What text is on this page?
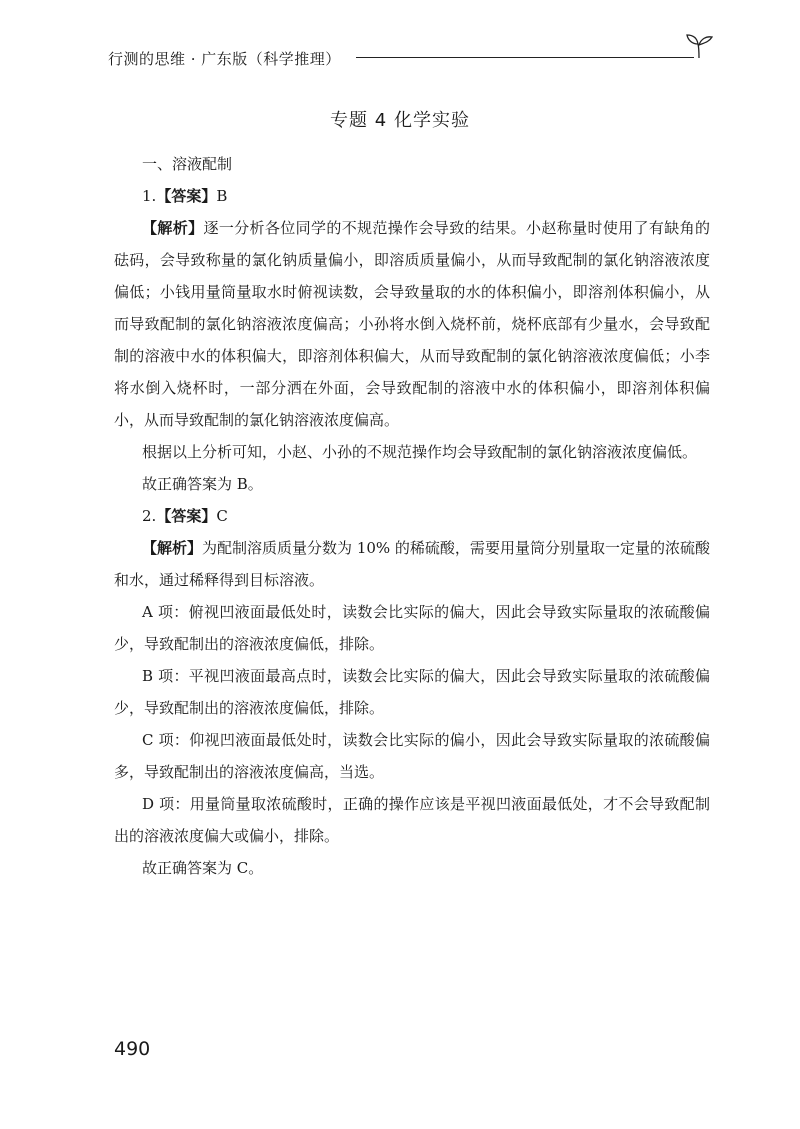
行测的思维 · 广东版（科学推理）
专题 4 化学实验

一、溶液配制

1.【答案】B

【解析】逐一分析各位同学的不规范操作会导致的结果。小赵称量时使用了有缺角的砝码，会导致称量的氯化钠质量偏小，即溶质质量偏小，从而导致配制的氯化钠溶液浓度偏低；小钱用量筒量取水时俯视读数，会导致量取的水的体积偏小，即溶剂体积偏小，从而导致配制的氯化钠溶液浓度偏高；小孙将水倒入烧杯前，烧杯底部有少量水，会导致配制的溶液中水的体积偏大，即溶剂体积偏大，从而导致配制的氯化钠溶液浓度偏低；小李将水倒入烧杯时，一部分洒在外面，会导致配制的溶液中水的体积偏小，即溶剂体积偏小，从而导致配制的氯化钠溶液浓度偏高。

根据以上分析可知，小赵、小孙的不规范操作均会导致配制的氯化钠溶液浓度偏低。

故正确答案为 B。

2.【答案】C

【解析】为配制溶质质量分数为 10% 的稀硫酸，需要用量筒分别量取一定量的浓硫酸和水，通过稀释得到目标溶液。

A 项：俯视凹液面最低处时，读数会比实际的偏大，因此会导致实际量取的浓硫酸偏少，导致配制出的溶液浓度偏低，排除。

B 项：平视凹液面最高点时，读数会比实际的偏大，因此会导致实际量取的浓硫酸偏少，导致配制出的溶液浓度偏低，排除。

C 项：仰视凹液面最低处时，读数会比实际的偏小，因此会导致实际量取的浓硫酸偏多，导致配制出的溶液浓度偏高，当选。

D 项：用量筒量取浓硫酸时，正确的操作应该是平视凹液面最低处，才不会导致配制出的溶液浓度偏大或偏小，排除。

故正确答案为 C。

490
